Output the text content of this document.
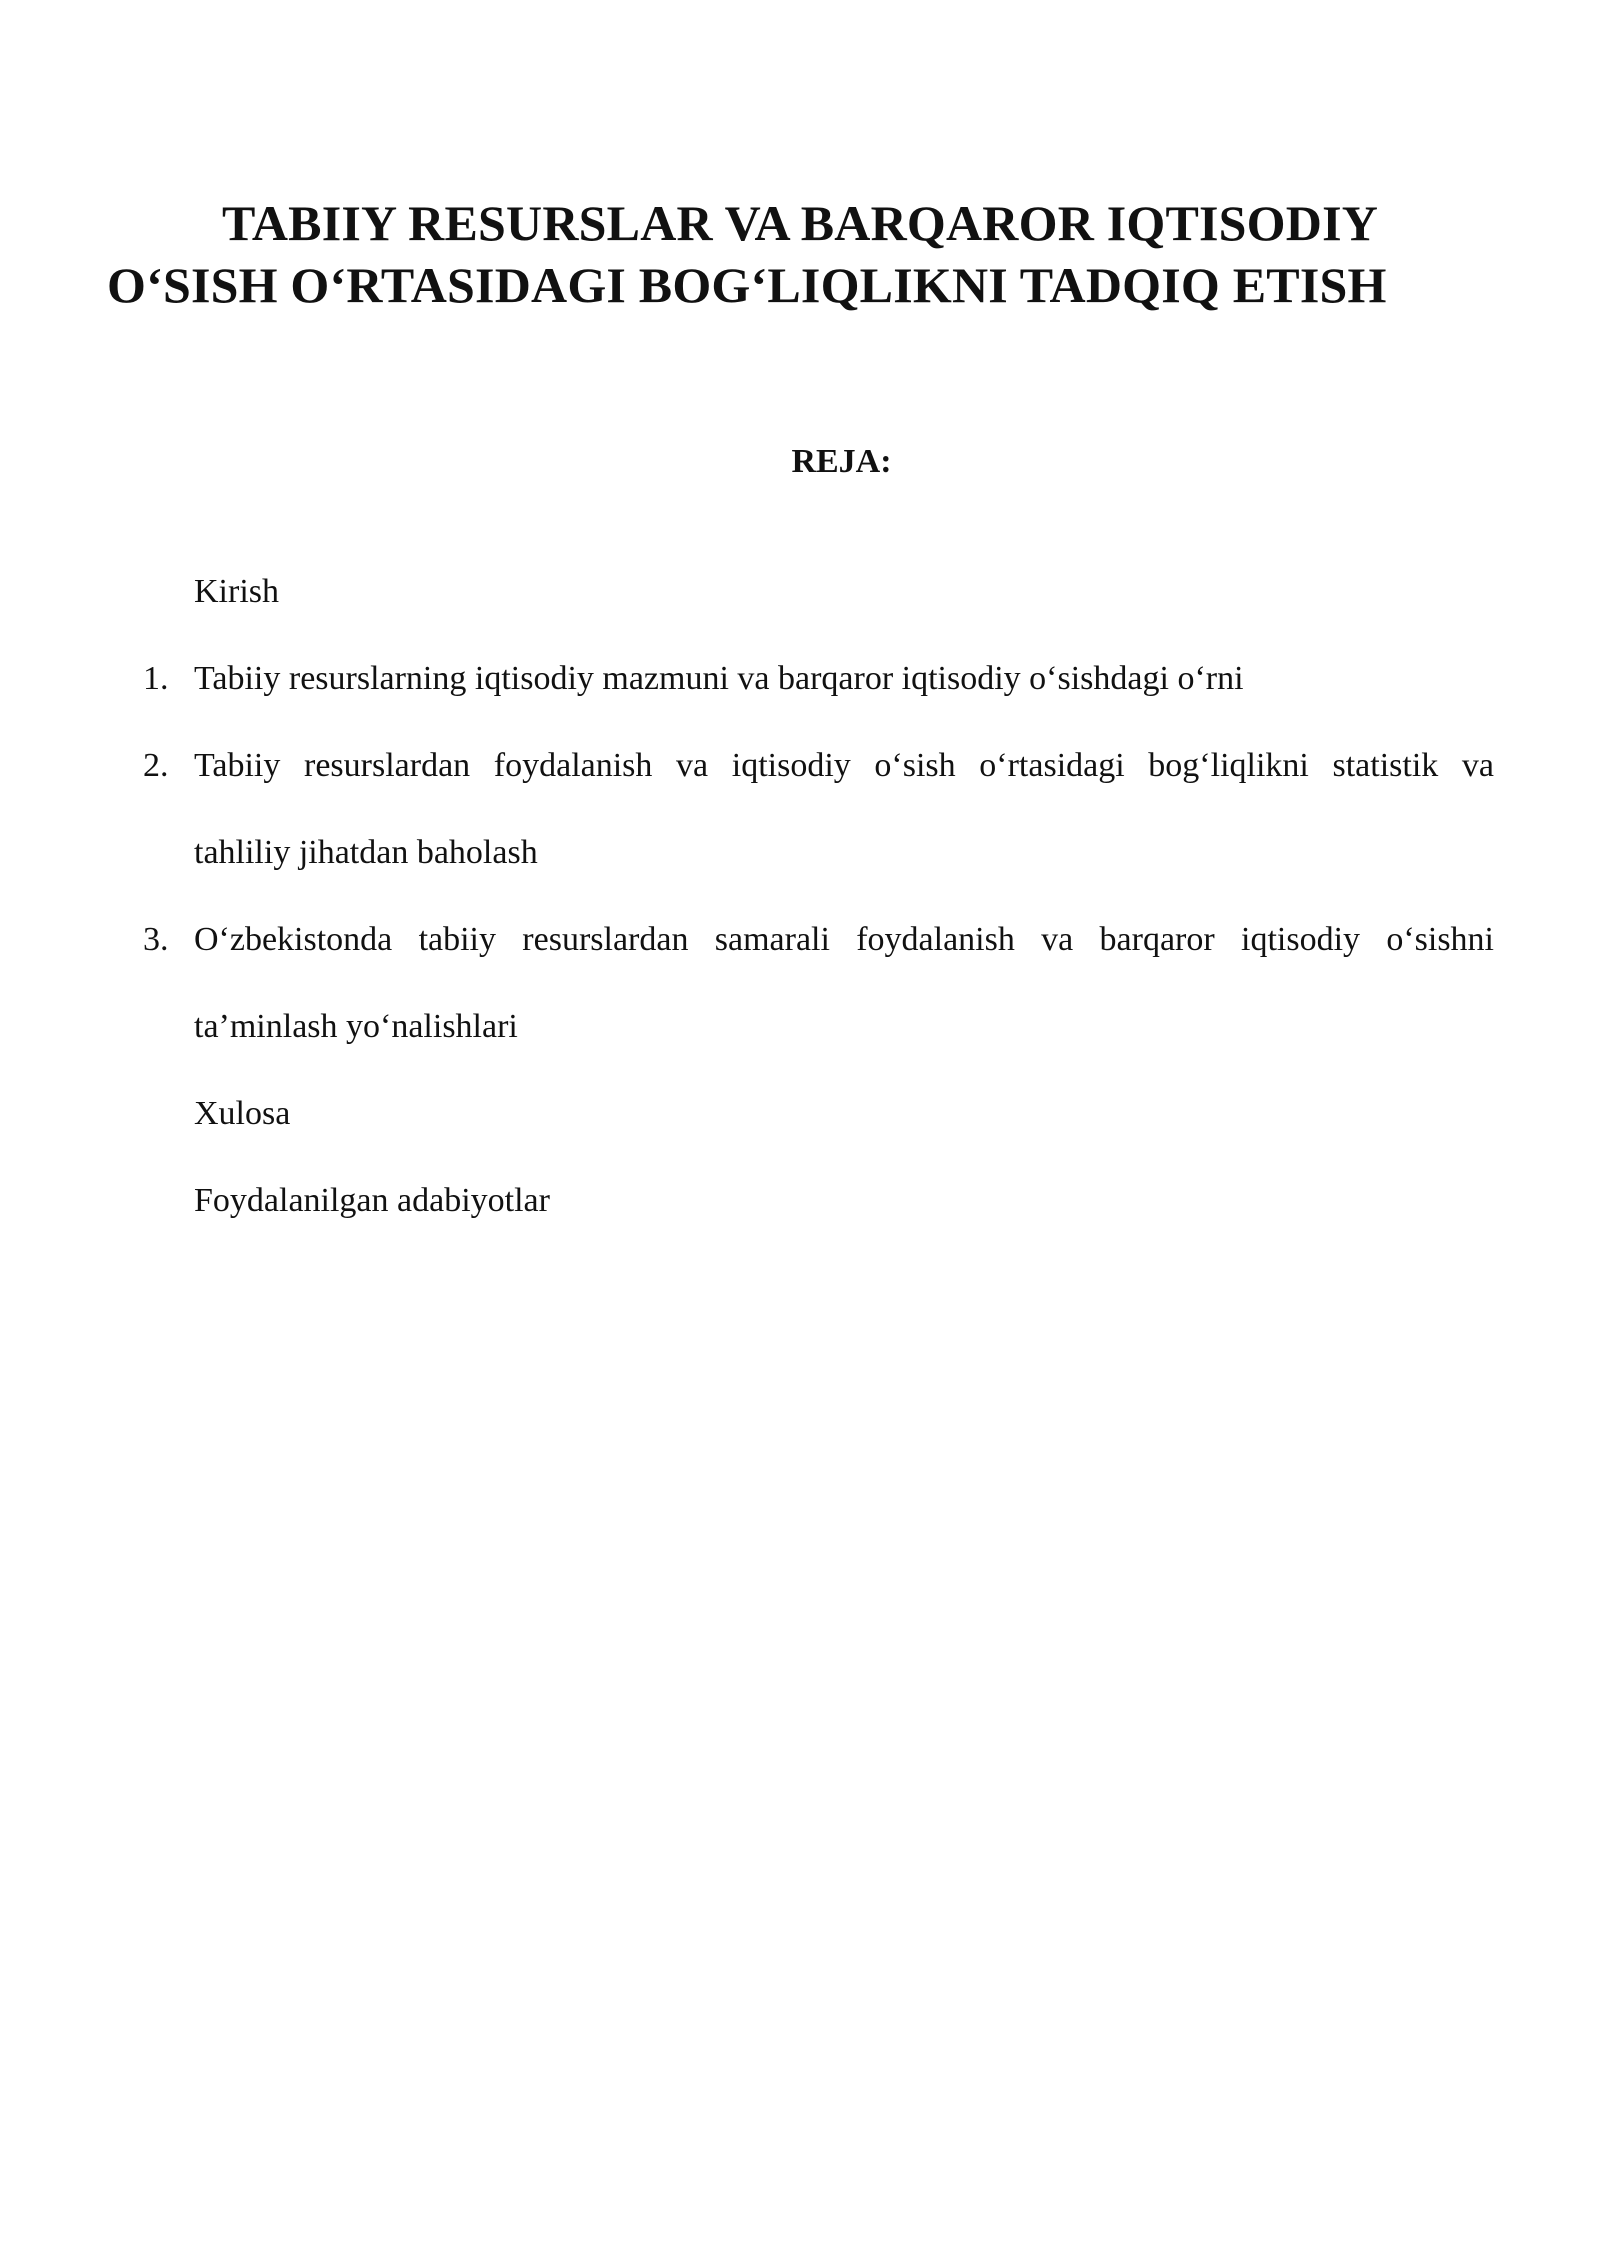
TABIIY RESURSLAR VA BARQAROR IQTISODIY
O‘SISH O‘RTASIDAGI BOG‘LIQLIKNI TADQIQ ETISH
REJA:
Kirish
1. Tabiiy resurslarning iqtisodiy mazmuni va barqaror iqtisodiy o‘sishdagi o‘rni
2. Tabiiy resurslardan foydalanish va iqtisodiy o‘sish o‘rtasidagi bog‘liqlikni statistik va
tahliliy jihatdan baholash
3. O‘zbekistonda tabiiy resurslardan samarali foydalanish va barqaror iqtisodiy o‘sishni
ta’minlash yo‘nalishlari
Xulosa
Foydalanilgan adabiyotlar
